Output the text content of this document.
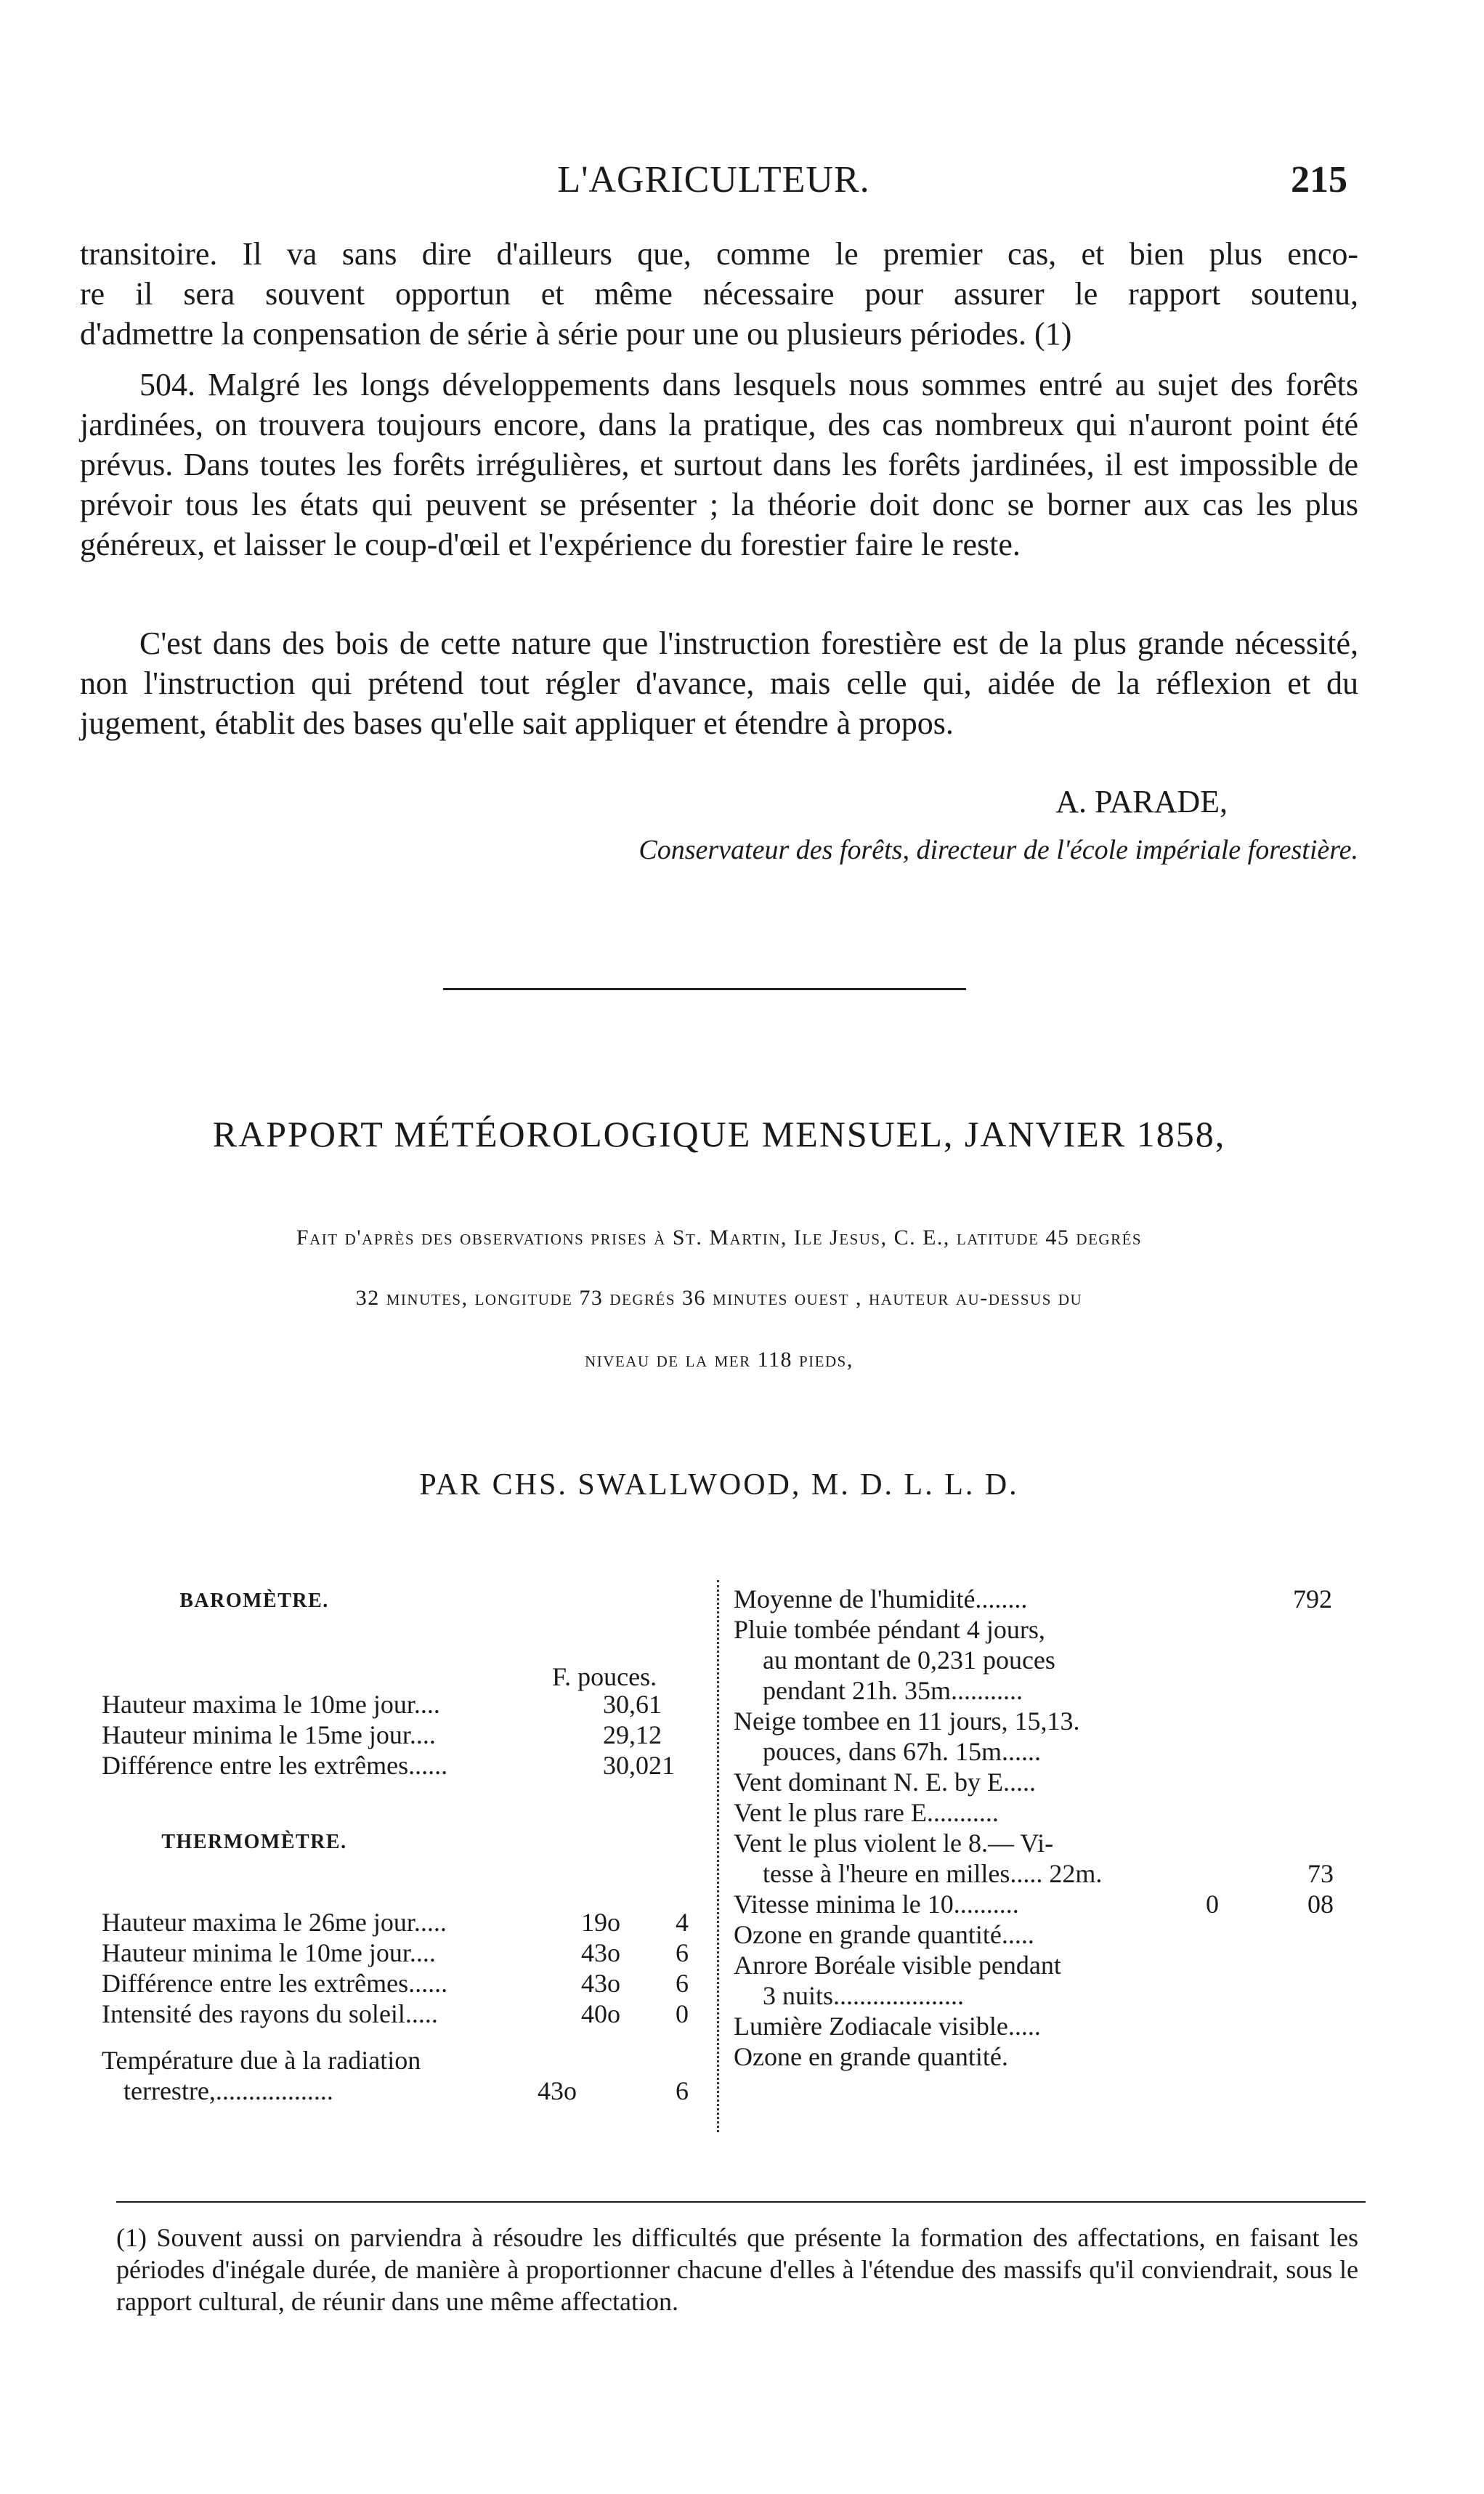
L'AGRICULTEUR.	215
transitoire. Il va sans dire d'ailleurs que, comme le premier cas, et bien plus enco-
re il sera souvent opportun et même nécessaire pour assurer le rapport soutenu,
d'admettre la conpensation de série à série pour une ou plusieurs périodes. (1)

504. Malgré les longs développements dans lesquels nous sommes entré au sujet des forêts jardinées, on trouvera toujours encore, dans la pratique, des cas nombreux qui n'auront point été prévus. Dans toutes les forêts irrégulières, et surtout dans les forêts jardinées, il est impossible de prévoir tous les états qui peuvent se présenter ; la théorie doit donc se borner aux cas les plus généreux, et laisser le coup-d'œil et l'expérience du forestier faire le reste.

C'est dans des bois de cette nature que l'instruction forestière est de la plus grande nécessité, non l'instruction qui prétend tout régler d'avance, mais celle qui, aidée de la réflexion et du jugement, établit des bases qu'elle sait appliquer et étendre à propos.

A. PARADE,
Conservateur des forêts, directeur de l'école impériale forestière.
RAPPORT MÉTÉOROLOGIQUE MENSUEL, JANVIER 1858,
Fait d'après des observations prises à St. Martin, Ile Jesus, C. E., latitude 45 degrés
32 minutes, longitude 73 degrés 36 minutes ouest , hauteur au-dessus du
niveau de la mer 118 pieds,
PAR CHS. SWALLWOOD, M. D. L. L. D.
BAROMÈTRE.
F. pouces.
Hauteur maxima le 10me jour....	30,61
Hauteur minima le 15me jour....	29,12
Différence entre les extrêmes......	30,021
THERMOMÈTRE.
Hauteur maxima le 26me jour.....	19o 4
Hauteur minima le 10me jour....	43o 6
Différence entre les extrêmes......	43o 6
Intensité des rayons du soleil.....	40o 0
Température due à la radiation
terrestre,..................	43o	6
Moyenne de l'humidité........	792
Pluie tombée péndant 4 jours,
au montant de 0,231 pouces
pendant 21h. 35m...........
Neige tombee en 11 jours, 15,13.
pouces, dans 67h. 15m......
Vent dominant N. E. by E.....
Vent le plus rare E...........
Vent le plus violent le 8.— Vi-
tesse à l'heure en milles..... 22m.	73
Vitesse minima le 10..........	0	08
Ozone en grande quantité.....
Anrore Boréale visible pendant
3 nuits....................
Lumière Zodiacale visible.....
Ozone en grande quantité.
(1) Souvent aussi on parviendra à résoudre les difficultés que présente la formation des affectations, en faisant les périodes d'inégale durée, de manière à proportionner chacune d'elles à l'étendue des massifs qu'il conviendrait, sous le rapport cultural, de réunir dans une même affectation.
